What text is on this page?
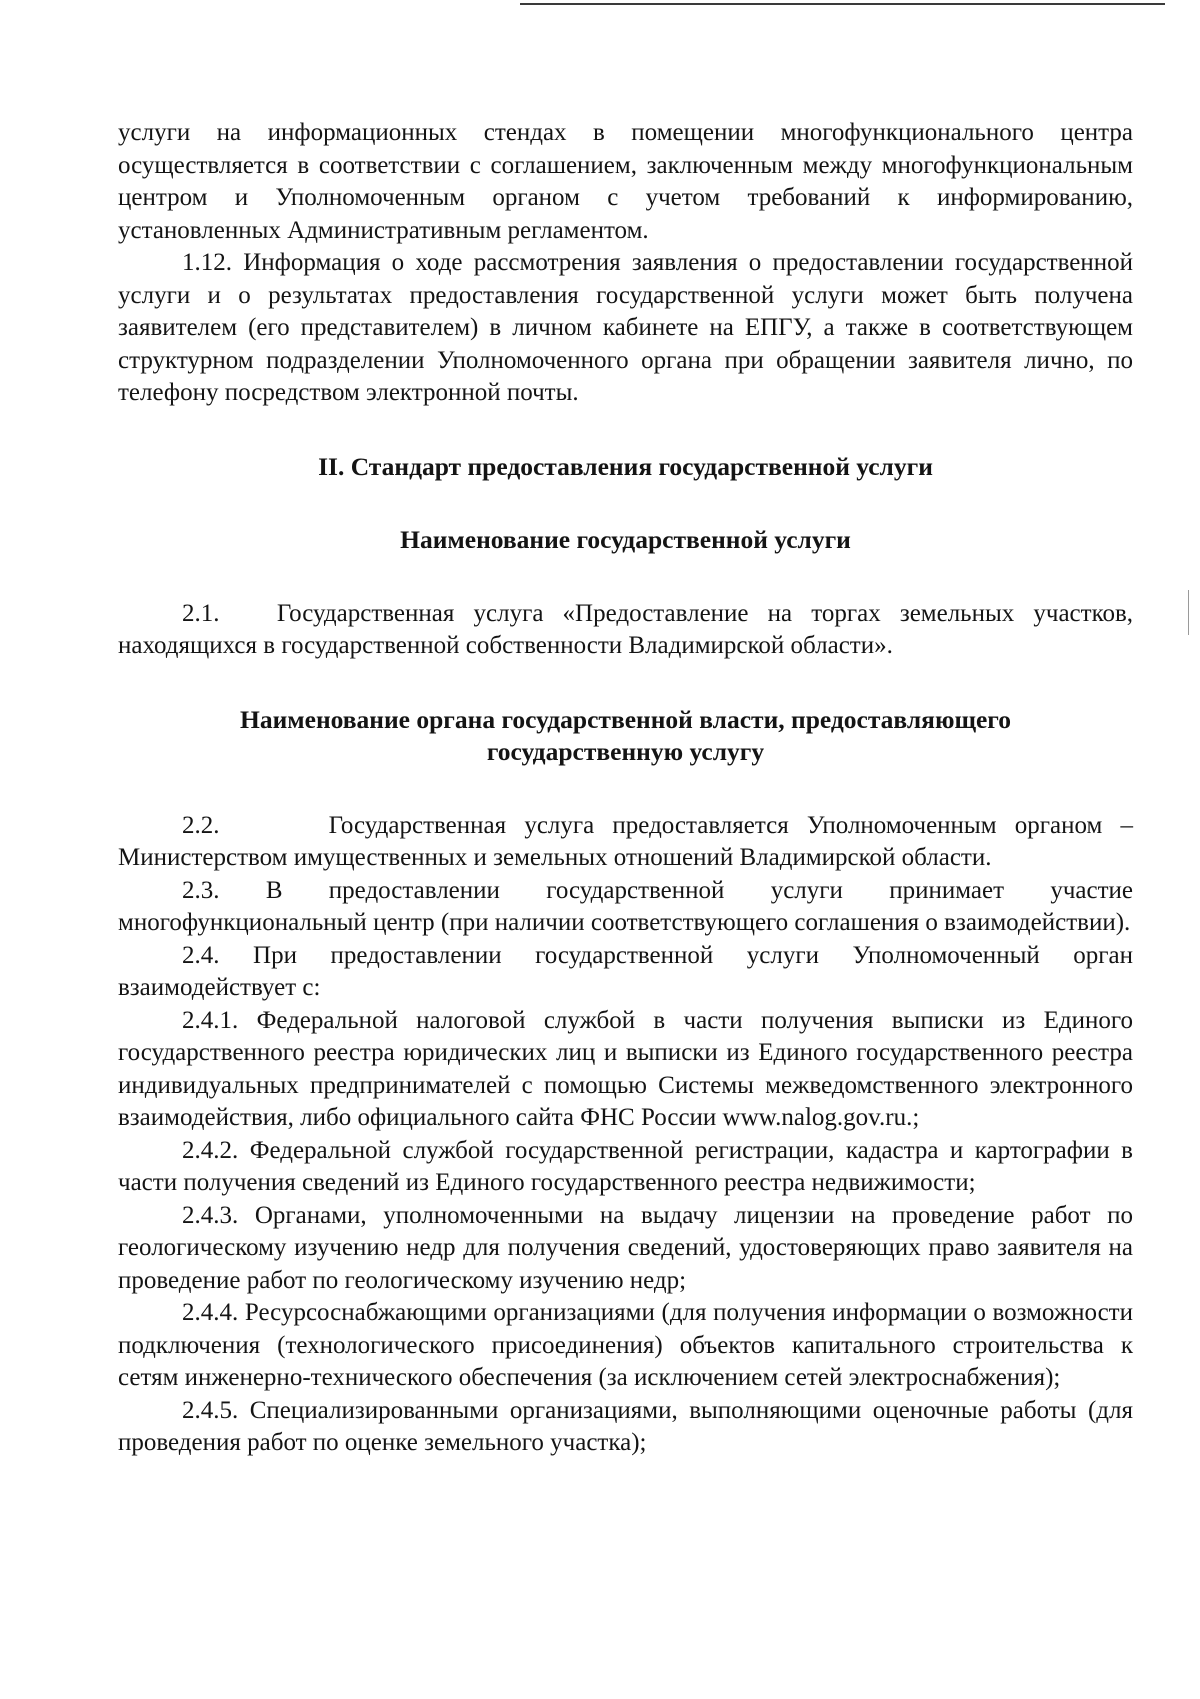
услуги на информационных стендах в помещении многофункционального центра осуществляется в соответствии с соглашением, заключенным между многофункциональным центром и Уполномоченным органом с учетом требований к информированию, установленных Административным регламентом.

1.12. Информация о ходе рассмотрения заявления о предоставлении государственной услуги и о результатах предоставления государственной услуги может быть получена заявителем (его представителем) в личном кабинете на ЕПГУ, а также в соответствующем структурном подразделении Уполномоченного органа при обращении заявителя лично, по телефону посредством электронной почты.

II. Стандарт предоставления государственной услуги

Наименование государственной услуги

2.1.   Государственная услуга «Предоставление на торгах земельных участков, находящихся в государственной собственности Владимирской области».

Наименование органа государственной власти, предоставляющего государственную услугу

2.2.      Государственная услуга предоставляется Уполномоченным органом – Министерством имущественных и земельных отношений Владимирской области.

2.3. В предоставлении государственной услуги принимает участие многофункциональный центр (при наличии соответствующего соглашения о взаимодействии).

2.4. При предоставлении государственной услуги Уполномоченный орган взаимодействует с:

2.4.1. Федеральной налоговой службой в части получения выписки из Единого государственного реестра юридических лиц и выписки из Единого государственного реестра индивидуальных предпринимателей с помощью Системы межведомственного электронного взаимодействия, либо официального сайта ФНС России www.nalog.gov.ru.;

2.4.2. Федеральной службой государственной регистрации, кадастра и картографии в части получения сведений из Единого государственного реестра недвижимости;

2.4.3. Органами, уполномоченными на выдачу лицензии на проведение работ по геологическому изучению недр для получения сведений, удостоверяющих право заявителя на проведение работ по геологическому изучению недр;

2.4.4. Ресурсоснабжающими организациями (для получения информации о возможности подключения (технологического присоединения) объектов капитального строительства к сетям инженерно-технического обеспечения (за исключением сетей электроснабжения);

2.4.5. Специализированными организациями, выполняющими оценочные работы (для проведения работ по оценке земельного участка);
